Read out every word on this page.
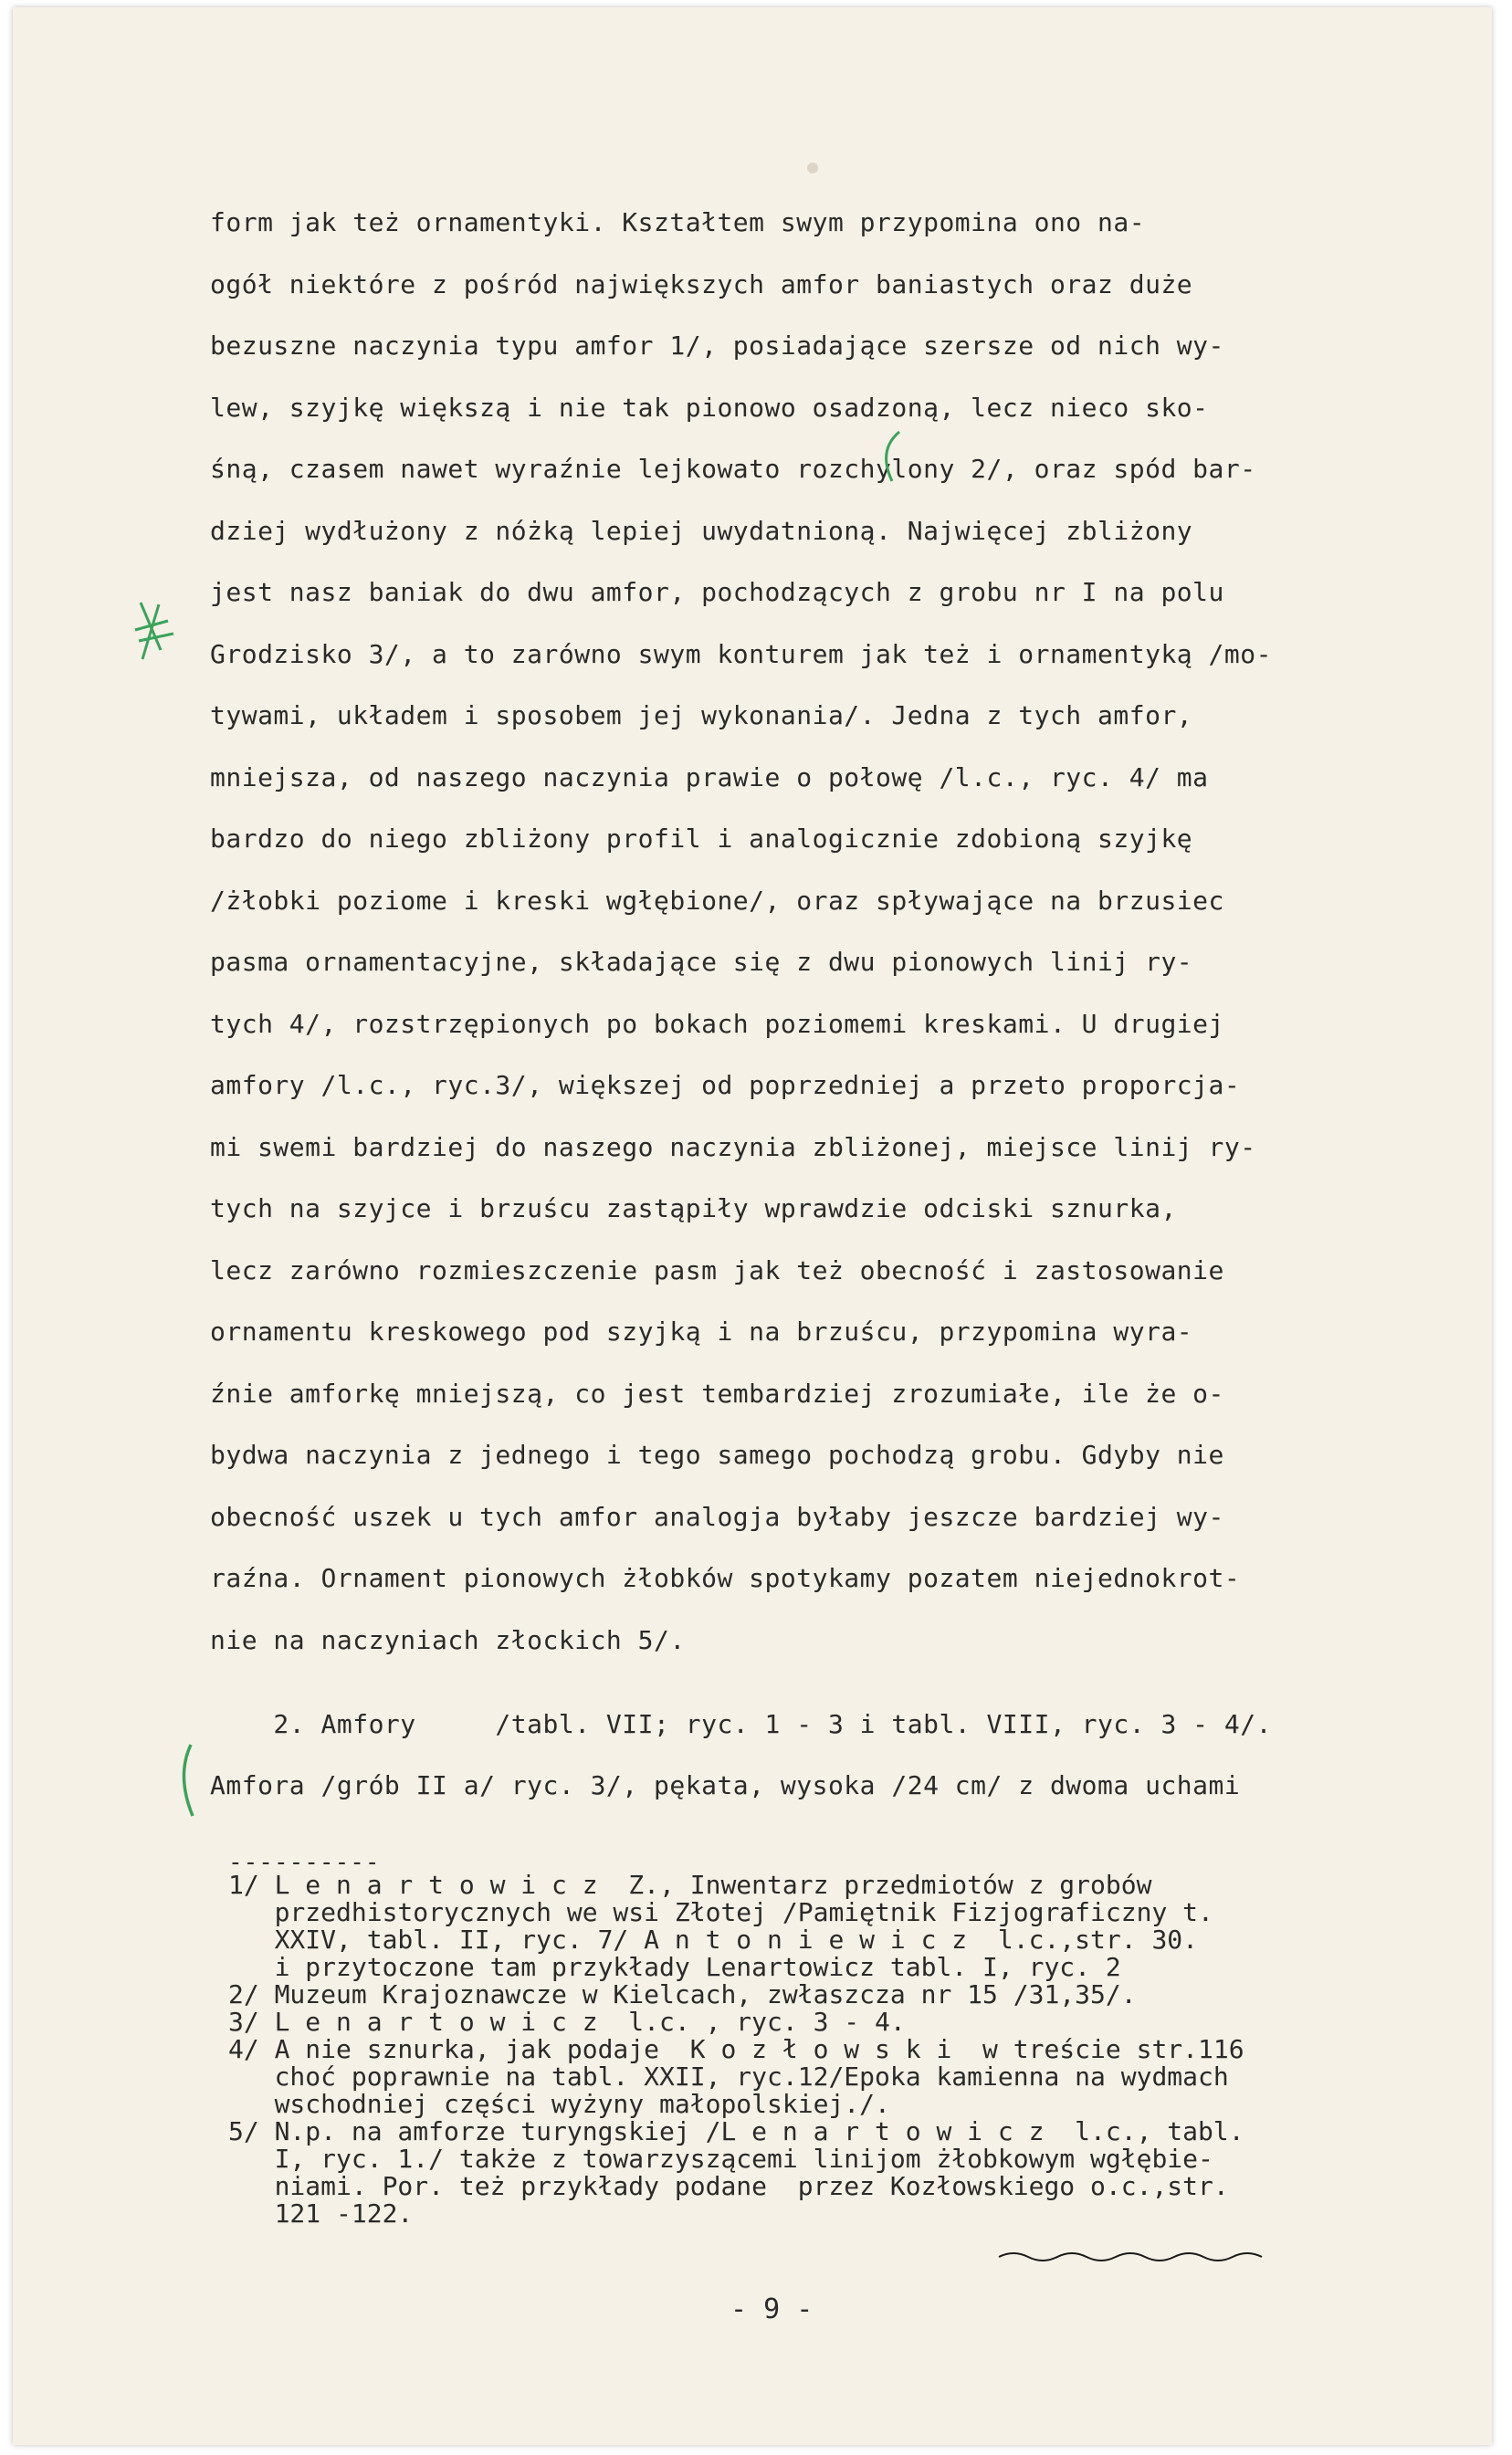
form jak też ornamentyki. Kształtem swym przypomina ono na-
ogół niektóre z pośród największych amfor baniastych oraz duże
bezuszne naczynia typu amfor 1/, posiadające szersze od nich wy-
lew, szyjkę większą i nie tak pionowo osadzoną, lecz nieco sko-
śną, czasem nawet wyraźnie lejkowato rozchylony 2/, oraz spód bar-
dziej wydłużony z nóżką lepiej uwydatnioną. Najwięcej zbliżony
jest nasz baniak do dwu amfor, pochodzących z grobu nr I na polu
Grodzisko 3/, a to zarówno swym konturem jak też i ornamentyką /mo-
tywami, układem i sposobem jej wykonania/. Jedna z tych amfor,
mniejsza, od naszego naczynia prawie o połowę /l.c., ryc. 4/ ma
bardzo do niego zbliżony profil i analogicznie zdobioną szyjkę
/żłobki poziome i kreski wgłębione/, oraz spływające na brzusiec
pasma ornamentacyjne, składające się z dwu pionowych linij ry-
tych 4/, rozstrzępionych po bokach poziomemi kreskami. U drugiej
amfory /l.c., ryc.3/, większej od poprzedniej a przeto proporcja-
mi swemi bardziej do naszego naczynia zbliżonej, miejsce linij ry-
tych na szyjce i brzuścu zastąpiły wprawdzie odciski sznurka,
lecz zarówno rozmieszczenie pasm jak też obecność i zastosowanie
ornamentu kreskowego pod szyjką i na brzuścu, przypomina wyra-
źnie amforkę mniejszą, co jest tembardziej zrozumiałe, ile że o-
bydwa naczynia z jednego i tego samego pochodzą grobu. Gdyby nie
obecność uszek u tych amfor analogja byłaby jeszcze bardziej wy-
raźna. Ornament pionowych żłobków spotykamy pozatem niejednokrot-
nie na naczyniach złockich 5/.
2. Amfory     /tabl. VII; ryc. 1 - 3 i tabl. VIII, ryc. 3 - 4/.
Amfora /grób II a/ ryc. 3/, pękata, wysoka /24 cm/ z dwoma uchami
----------
1/ L e n a r t o w i c z  Z., Inwentarz przedmiotów z grobów
przedhistorycznych we wsi Złotej /Pamiętnik Fizjograficzny t.
XXIV, tabl. II, ryc. 7/ A n t o n i e w i c z  l.c.,str. 30.
i przytoczone tam przykłady Lenartowicz tabl. I, ryc. 2
2/ Muzeum Krajoznawcze w Kielcach, zwłaszcza nr 15 /31,35/.
3/ L e n a r t o w i c z  l.c. , ryc. 3 - 4.
4/ A nie sznurka, jak podaje  K o z ł o w s k i  w treście str.116
choć poprawnie na tabl. XXII, ryc.12/Epoka kamienna na wydmach
wschodniej części wyżyny małopolskiej./.
5/ N.p. na amforze turyngskiej /L e n a r t o w i c z  l.c., tabl.
I, ryc. 1./ także z towarzyszącemi linijom żłobkowym wgłębie-
niami. Por. też przykłady podane  przez Kozłowskiego o.c.,str.
121 -122.
- 9 -
